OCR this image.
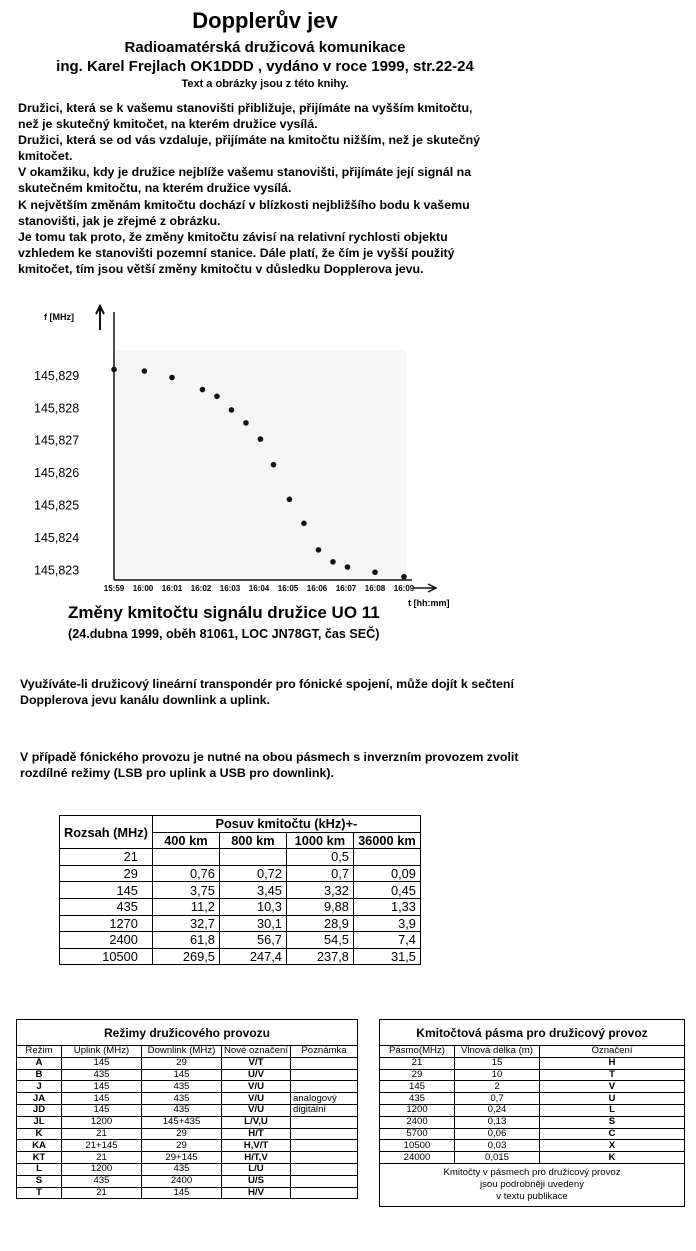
Dopplerův jev
Radioamatérská družicová komunikace
ing. Karel Frejlach OK1DDD , vydáno v roce 1999, str.22-24
Text a obrázky jsou z této knihy.
Družici, která se k vašemu stanovišti přibližuje, přijímáte na vyšším kmitočtu,
než je skutečný kmitočet, na kterém družice vysílá.
Družici, která se od vás vzdaluje, přijímáte na kmitočtu nižším, než je skutečný
kmitočet.
V okamžiku, kdy je družice nejblíže vašemu stanovišti, přijímáte její signál na
skutečném kmitočtu, na kterém družice vysílá.
K největším změnám kmitočtu dochází v blízkosti nejbližšího bodu k vašemu
stanovišti, jak je zřejmé z obrázku.
Je tomu tak proto, že změny kmitočtu závisí na relativní rychlosti objektu
vzhledem ke stanovišti pozemní stanice. Dále platí, že čím je vyšší použitý
kmitočet, tím jsou větší změny kmitočtu v důsledku Dopplerova jevu.
f [MHz]
t [hh:mm]
145,829
145,828
145,827
145,826
145,825
145,824
145,823
15:59 16:00 16:01 16:02 16:03 16:04 16:05 16:06 16:07 16:08 16:09
Změny kmitočtu signálu družice UO 11
(24.dubna 1999, oběh 81061, LOC JN78GT, čas SEČ)
Využíváte-li družicový lineární transpondér pro fónické spojení, může dojít k sečtení
Dopplerova jevu kanálu downlink a uplink.
V případě fónického provozu je nutné na obou pásmech s inverzním provozem zvolit
rozdílné režimy (LSB pro uplink a USB pro downlink).
Rozsah (MHz)	Posuv kmitočtu (kHz)+-			
	400 km	800 km	1000 km	36000 km
21			0,5	
29	0,76	0,72	0,7	0,09
145	3,75	3,45	3,32	0,45
435	11,2	10,3	9,88	1,33
1270	32,7	30,1	28,9	3,9
2400	61,8	56,7	54,5	7,4
10500	269,5	247,4	237,8	31,5
Režimy družicového provozu				
Režim	Uplink (MHz)	Downlink (MHz)	Nové označení	Poznámka
A	145	29	V/T	
B	435	145	U/V	
J	145	435	V/U	
JA	145	435	V/U	analogový
JD	145	435	V/U	digitální
JL	1200	145+435	L/V,U	
K	21	29	H/T	
KA	21+145	29	H,V/T	
KT	21	29+145	H/T,V	
L	1200	435	L/U	
S	435	2400	U/S	
T	21	145	H/V	
Kmitočtová pásma pro družicový provoz		
Pásmo(MHz)	Vlnová délka (m)	Označení
21	15	H
29	10	T
145	2	V
435	0,7	U
1200	0,24	L
2400	0,13	S
5700	0,06	C
10500	0,03	X
24000	0,015	K

Kmitočty v pásmech pro družicový provoz
jsou podrobněji uvedeny
v textu publikace		
